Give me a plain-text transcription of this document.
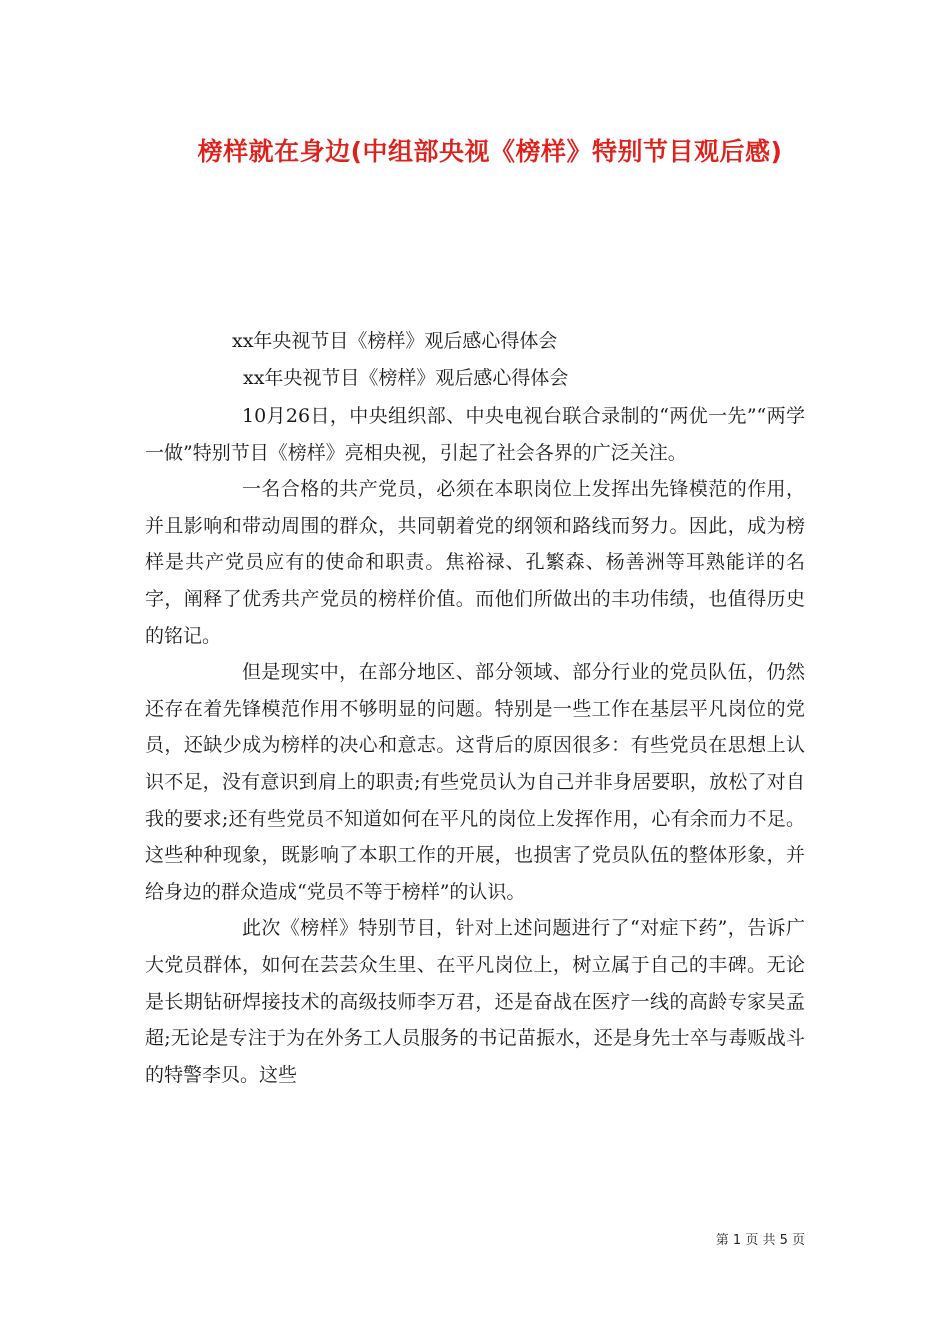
榜样就在身边(中组部央视《榜样》特别节目观后感)

xx年央视节目《榜样》观后感心得体会

xx年央视节目《榜样》观后感心得体会

10月26日，中央组织部、中央电视台联合录制的“两优一先”“两学一做”特别节目《榜样》亮相央视，引起了社会各界的广泛关注。

一名合格的共产党员，必须在本职岗位上发挥出先锋模范的作用，并且影响和带动周围的群众，共同朝着党的纲领和路线而努力。因此，成为榜样是共产党员应有的使命和职责。焦裕禄、孔繁森、杨善洲等耳熟能详的名字，阐释了优秀共产党员的榜样价值。而他们所做出的丰功伟绩，也值得历史的铭记。

但是现实中，在部分地区、部分领域、部分行业的党员队伍，仍然还存在着先锋模范作用不够明显的问题。特别是一些工作在基层平凡岗位的党员，还缺少成为榜样的决心和意志。这背后的原因很多：有些党员在思想上认识不足，没有意识到肩上的职责;有些党员认为自己并非身居要职，放松了对自我的要求;还有些党员不知道如何在平凡的岗位上发挥作用，心有余而力不足。这些种种现象，既影响了本职工作的开展，也损害了党员队伍的整体形象，并给身边的群众造成“党员不等于榜样”的认识。

此次《榜样》特别节目，针对上述问题进行了“对症下药”，告诉广大党员群体，如何在芸芸众生里、在平凡岗位上，树立属于自己的丰碑。无论是长期钻研焊接技术的高级技师李万君，还是奋战在医疗一线的高龄专家吴孟超;无论是专注于为在外务工人员服务的书记苗振水，还是身先士卒与毒贩战斗的特警李贝。这些

第 1 页 共 5 页
